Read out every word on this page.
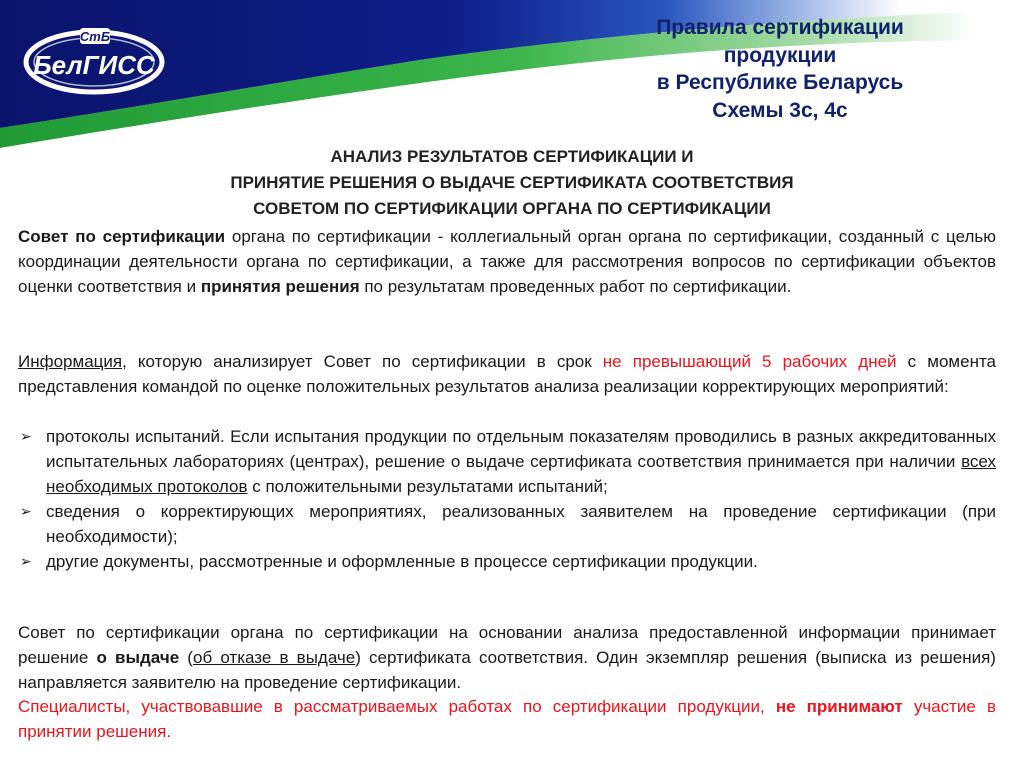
СтБ
БелГИСС
Правила сертификации
продукции
в Республике Беларусь
Схемы 3с, 4с
АНАЛИЗ РЕЗУЛЬТАТОВ СЕРТИФИКАЦИИ И
ПРИНЯТИЕ РЕШЕНИЯ О ВЫДАЧЕ СЕРТИФИКАТА СООТВЕТСТВИЯ
СОВЕТОМ ПО СЕРТИФИКАЦИИ ОРГАНА ПО СЕРТИФИКАЦИИ

Совет по сертификации органа по сертификации - коллегиальный орган органа по сертификации, созданный с целью координации деятельности органа по сертификации, а также для рассмотрения вопросов по сертификации объектов оценки соответствия и принятия решения по результатам проведенных работ по сертификации.

Информация, которую анализирует Совет по сертификации в срок не превышающий 5 рабочих дней с момента представления командой по оценке положительных результатов анализа реализации корректирующих мероприятий:

➢ протоколы испытаний. Если испытания продукции по отдельным показателям проводились в разных аккредитованных испытательных лабораториях (центрах), решение о выдаче сертификата соответствия принимается при наличии всех необходимых протоколов с положительными результатами испытаний;
➢ сведения о корректирующих мероприятиях, реализованных заявителем на проведение сертификации (при необходимости);
➢ другие документы, рассмотренные и оформленные в процессе сертификации продукции.

Совет по сертификации органа по сертификации на основании анализа предоставленной информации принимает решение о выдаче (об отказе в выдаче) сертификата соответствия. Один экземпляр решения (выписка из решения) направляется заявителю на проведение сертификации.

Специалисты, участвовавшие в рассматриваемых работах по сертификации продукции, не принимают участие в принятии решения.
